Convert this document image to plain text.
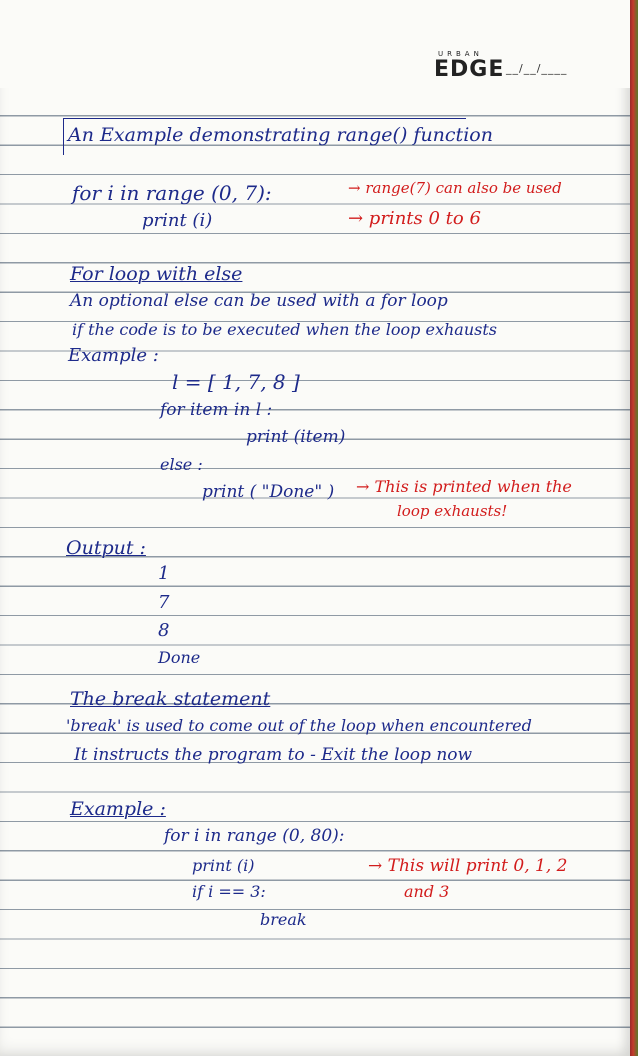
URBAN
EDGE __/__/____
An Example demonstrating range() function
for i in range (0, 7):
print (i)
→ range(7) can also be used
→ prints 0 to 6
For loop with else
An optional else can be used with a for loop
if the code is to be executed when the loop exhausts
Example :
l = [ 1, 7, 8 ]
for item in l :
print (item)
else :
print ( "Done" ) → This is printed when the
loop exhausts!
Output :
1
7
8
Done
The break statement
'break' is used to come out of the loop when encountered
It instructs the program to - Exit the loop now
Example :
for i in range (0, 80):
print (i)
if i == 3:
break
→ This will print 0, 1, 2
and 3
